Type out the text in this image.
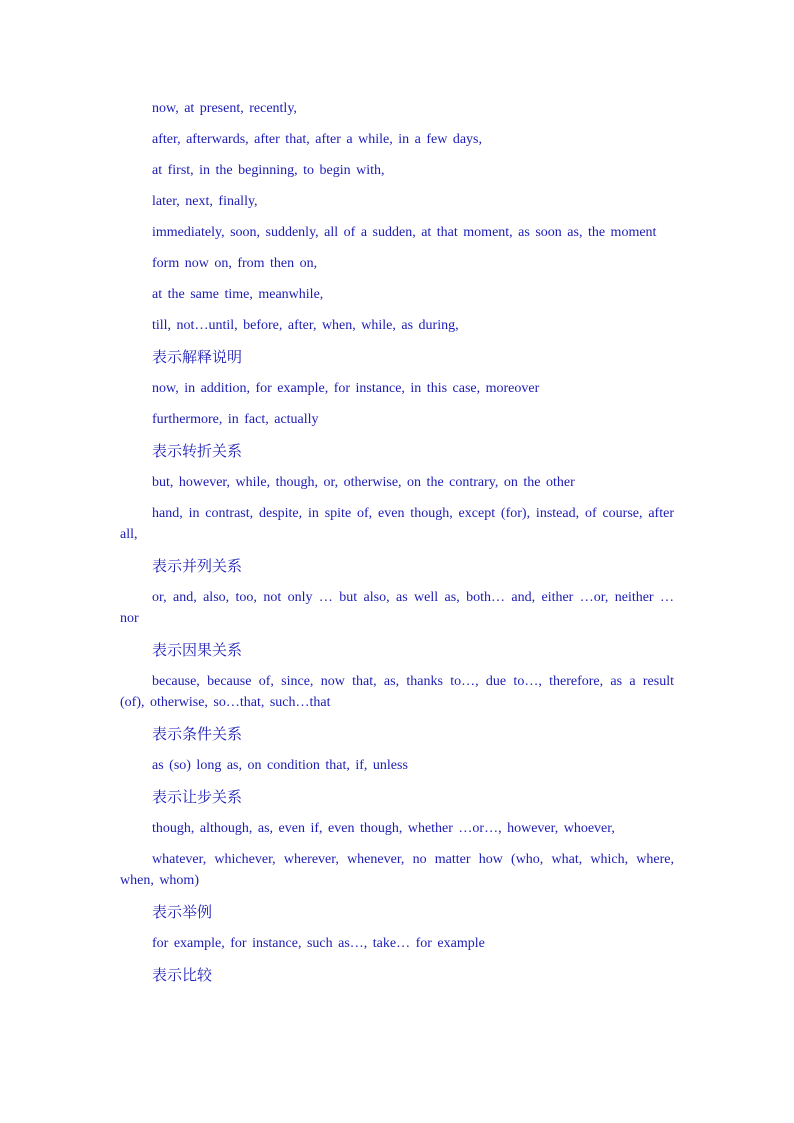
now, at present, recently,

after, afterwards, after that, after a while, in a few days,

at first, in the beginning, to begin with,

later, next, finally,

immediately, soon, suddenly, all of a sudden, at that moment, as soon as, the moment

form now on, from then on,

at the same time, meanwhile,

till, not…until, before, after, when, while, as during,

表示解释说明

now, in addition, for example, for instance, in this case, moreover

furthermore, in fact, actually

表示转折关系

but, however, while, though, or, otherwise, on the contrary, on the other

hand, in contrast, despite, in spite of, even though, except (for), instead, of course, after all,

表示并列关系

or, and, also, too, not only … but also, as well as, both… and, either …or, neither …nor

表示因果关系

because, because of, since, now that, as, thanks to…, due to…, therefore, as a result (of), otherwise, so…that, such…that

表示条件关系

as (so) long as, on condition that, if, unless

表示让步关系

though, although, as, even if, even though, whether …or…, however, whoever,

whatever, whichever, wherever, whenever, no matter how (who, what, which, where, when, whom)

表示举例

for example, for instance, such as…, take… for example

表示比较
